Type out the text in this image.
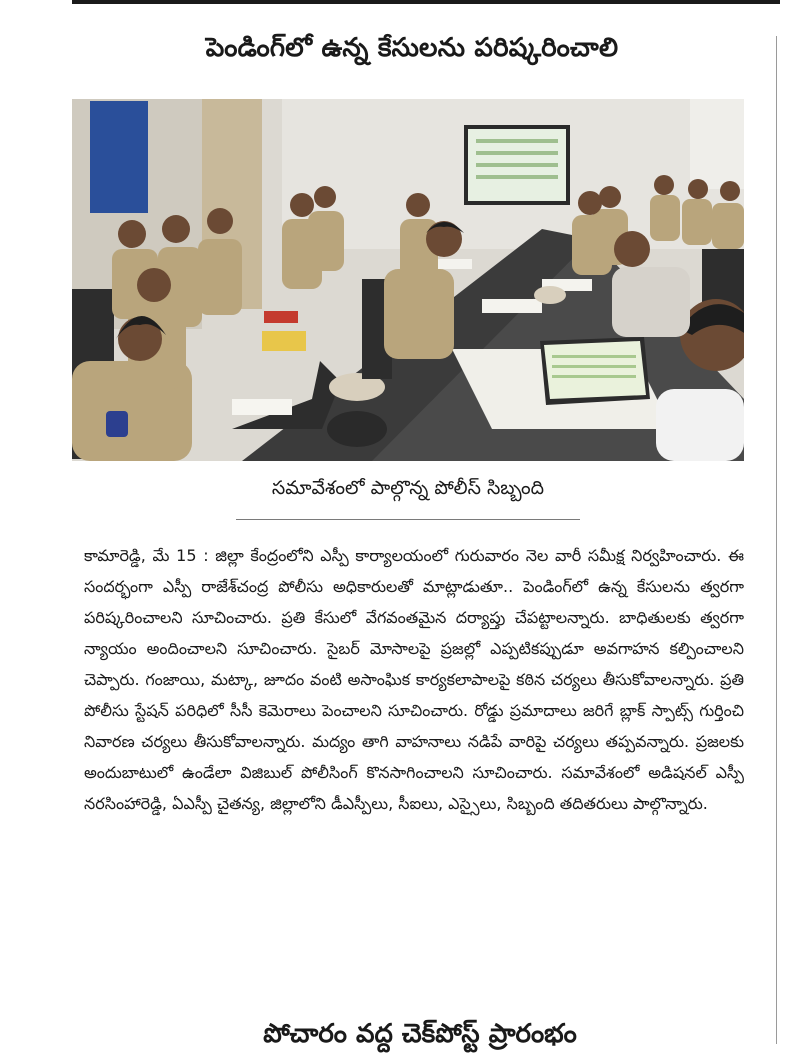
పెండింగ్‌లో ఉన్న కేసులను పరిష్కరించాలి
సమావేశంలో పాల్గొన్న పోలీస్ సిబ్బంది

కామారెడ్డి, మే 15 : జిల్లా కేంద్రంలోని ఎస్పీ కార్యాలయంలో గురువారం నెల వారీ సమీక్ష నిర్వహించారు. ఈ సందర్భంగా ఎస్పీ రాజేశ్‌చంద్ర పోలీసు అధికారులతో మాట్లాడుతూ.. పెండింగ్‌లో ఉన్న కేసులను త్వరగా పరిష్కరించాలని సూచించారు. ప్రతి కేసులో వేగవంతమైన దర్యాప్తు చేపట్టాలన్నారు. బాధితులకు త్వరగా న్యాయం అందించాలని సూచించారు. సైబర్ మోసాలపై ప్రజల్లో ఎప్పటికప్పుడూ అవగాహన కల్పించాలని చెప్పారు. గంజాయి, మట్కా, జూదం వంటి అసాంఘిక కార్యకలాపాలపై కఠిన చర్యలు తీసుకోవాలన్నారు. ప్రతి పోలీసు స్టేషన్ పరిధిలో సీసీ కెమెరాలు పెంచాలని సూచించారు. రోడ్డు ప్రమాదాలు జరిగే బ్లాక్ స్పాట్స్ గుర్తించి నివారణ చర్యలు తీసుకోవాలన్నారు. మద్యం తాగి వాహనాలు నడిపే వారిపై చర్యలు తప్పవన్నారు. ప్రజలకు అందుబాటులో ఉండేలా విజిబుల్ పోలీసింగ్ కొనసాగించాలని సూచించారు. సమావేశంలో అడిషనల్ ఎస్పీ నరసింహారెడ్డి, ఏఎస్పీ చైతన్య, జిల్లాలోని డీఎస్పీలు, సీఐలు, ఎస్సైలు, సిబ్బంది తదితరులు పాల్గొన్నారు.

పోచారం వద్ద చెక్‌పోస్ట్ ప్రారంభం
